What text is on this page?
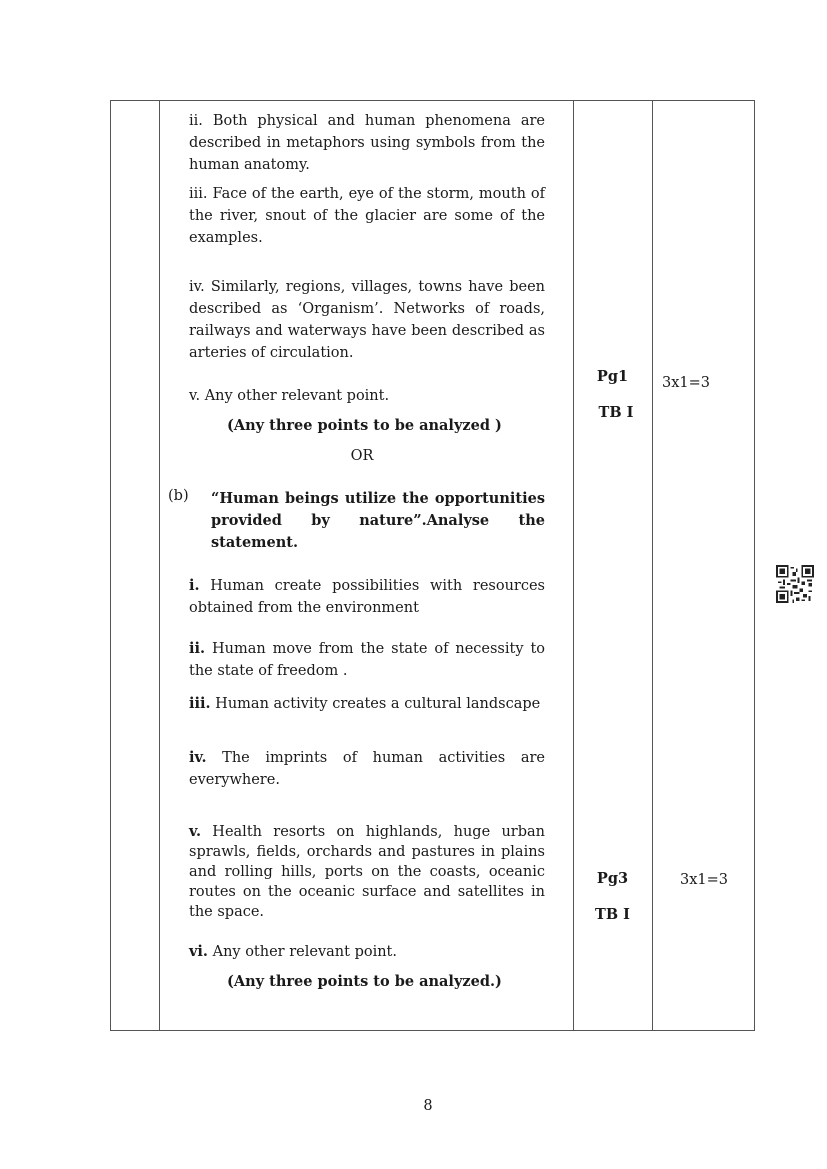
ii. Both physical and human phenomena are described in metaphors using symbols from the human anatomy.
iii. Face of the earth, eye of the storm, mouth of the river, snout of the glacier are some of the examples.
iv. Similarly, regions, villages, towns have been described as ‘Organism’. Networks of roads, railways and waterways have been described as arteries of circulation.
v. Any other relevant point.
(Any three points to be analyzed )
OR
Pg1
TB I
3x1=3
(b) “Human beings utilize the opportunities provided by nature”.Analyse the statement.
i. Human create possibilities with resources obtained from the environment
ii. Human move from the state of necessity to the state of freedom .
iii. Human activity creates a cultural landscape
iv. The imprints of human activities are everywhere.
v. Health resorts on highlands, huge urban sprawls, fields, orchards and pastures in plains and rolling hills, ports on the coasts, oceanic routes on the oceanic surface and satellites in the space.
vi. Any other relevant point.
(Any three points to be analyzed.)
Pg3
TB I
3x1=3
8
